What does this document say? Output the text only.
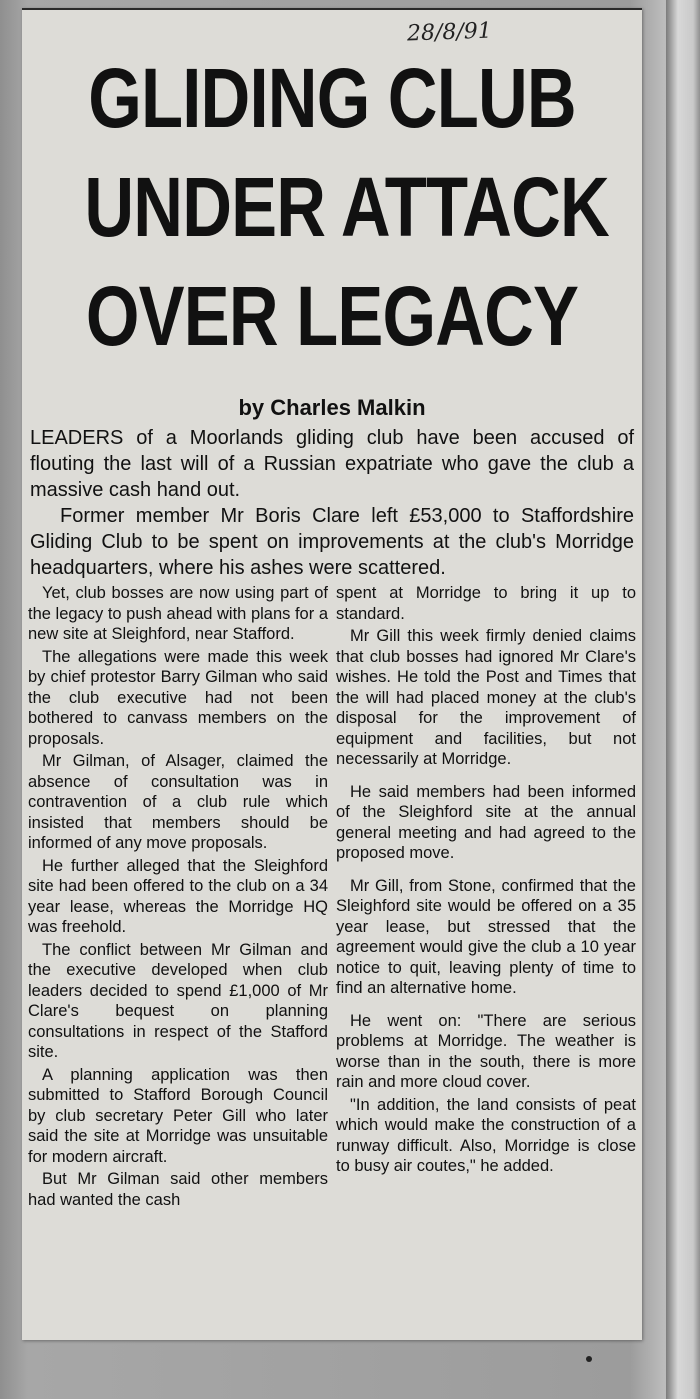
28/8/91
GLIDING CLUB
UNDER ATTACK
OVER LEGACY
by Charles Malkin

LEADERS of a Moorlands gliding club have been accused of flouting the last will of a Russian expatriate who gave the club a massive cash hand out.

Former member Mr Boris Clare left £53,000 to Staffordshire Gliding Club to be spent on improvements at the club's Morridge headquarters, where his ashes were scattered.

Yet, club bosses are now using part of the legacy to push ahead with plans for a new site at Sleighford, near Stafford.

The allegations were made this week by chief protestor Barry Gilman who said the club executive had not been bothered to canvass members on the proposals.

Mr Gilman, of Alsager, claimed the absence of consultation was in contravention of a club rule which insisted that members should be informed of any move proposals.

He further alleged that the Sleighford site had been offered to the club on a 34 year lease, whereas the Morridge HQ was freehold.

The conflict between Mr Gilman and the executive developed when club leaders decided to spend £1,000 of Mr Clare's bequest on planning consultations in respect of the Stafford site.

A planning application was then submitted to Stafford Borough Council by club secretary Peter Gill who later said the site at Morridge was unsuitable for modern aircraft.

But Mr Gilman said other members had wanted the cash

spent at Morridge to bring it up to standard.

Mr Gill this week firmly denied claims that club bosses had ignored Mr Clare's wishes. He told the Post and Times that the will had placed money at the club's disposal for the improvement of equipment and facilities, but not necessarily at Morridge.

He said members had been informed of the Sleighford site at the annual general meeting and had agreed to the proposed move.

Mr Gill, from Stone, confirmed that the Sleighford site would be offered on a 35 year lease, but stressed that the agreement would give the club a 10 year notice to quit, leaving plenty of time to find an alternative home.

He went on: "There are serious problems at Morridge. The weather is worse than in the south, there is more rain and more cloud cover.

"In addition, the land consists of peat which would make the construction of a runway difficult. Also, Morridge is close to busy air coutes," he added.
